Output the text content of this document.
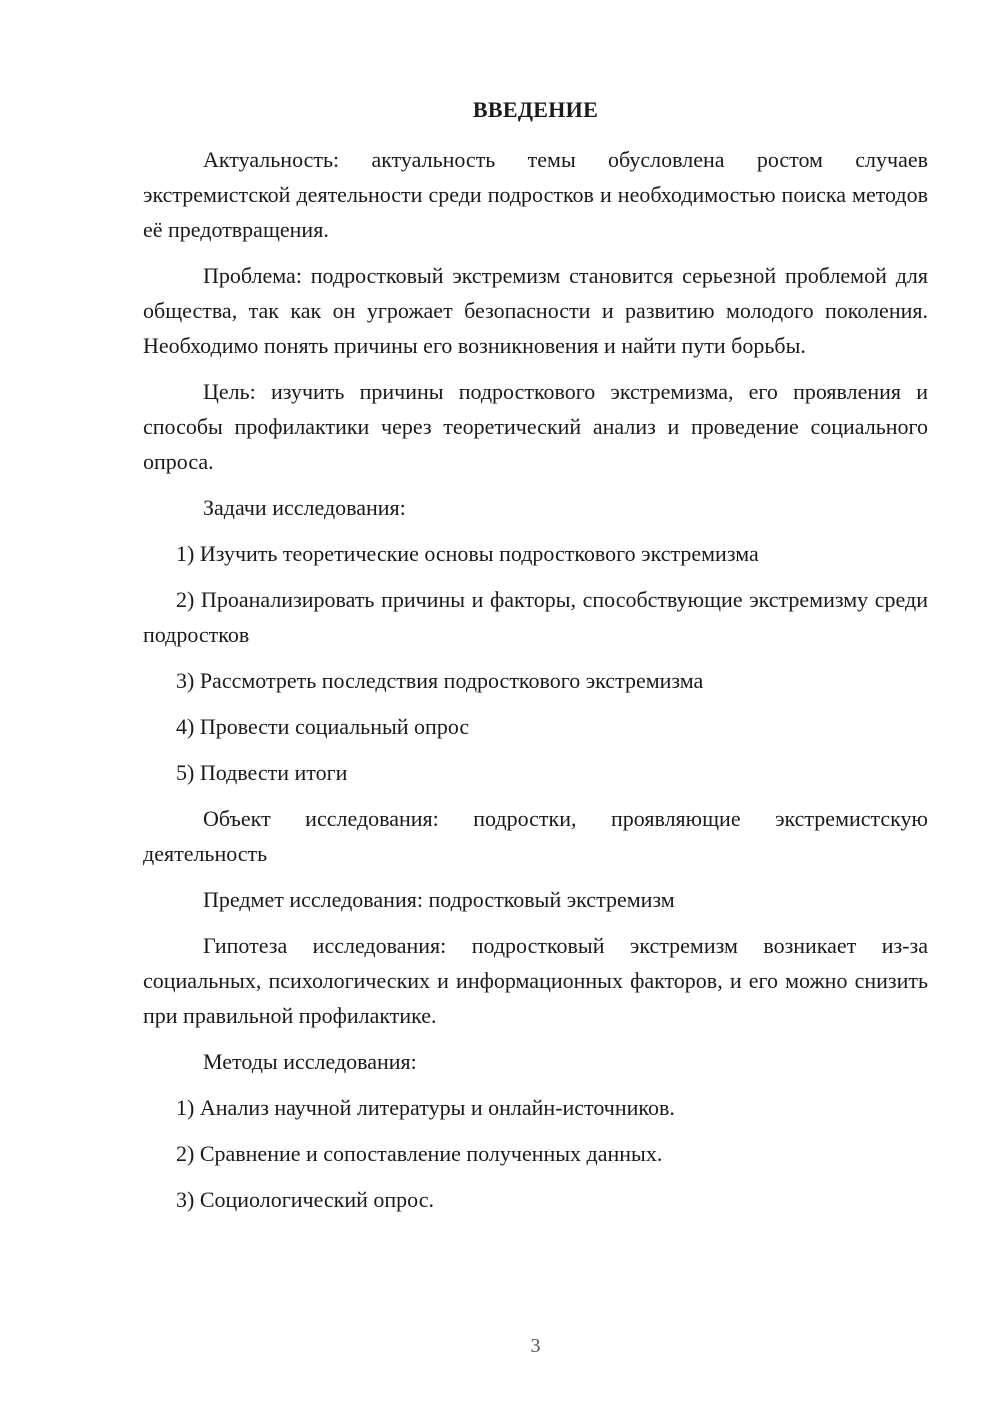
ВВЕДЕНИЕ

Актуальность: актуальность темы обусловлена ростом случаев экстремистской деятельности среди подростков и необходимостью поиска методов её предотвращения.

Проблема: подростковый экстремизм становится серьезной проблемой для общества, так как он угрожает безопасности и развитию молодого поколения. Необходимо понять причины его возникновения и найти пути борьбы.

Цель: изучить причины подросткового экстремизма, его проявления и способы профилактики через теоретический анализ и проведение социального опроса.

Задачи исследования:

1) Изучить теоретические основы подросткового экстремизма

2) Проанализировать причины и факторы, способствующие экстремизму среди подростков

3) Рассмотреть последствия подросткового экстремизма

4) Провести социальный опрос

5) Подвести итоги

Объект исследования: подростки, проявляющие экстремистскую деятельность

Предмет исследования: подростковый экстремизм

Гипотеза исследования: подростковый экстремизм возникает из-за социальных, психологических и информационных факторов, и его можно снизить при правильной профилактике.

Методы исследования:

1) Анализ научной литературы и онлайн-источников.

2) Сравнение и сопоставление полученных данных.

3) Социологический опрос.

3
